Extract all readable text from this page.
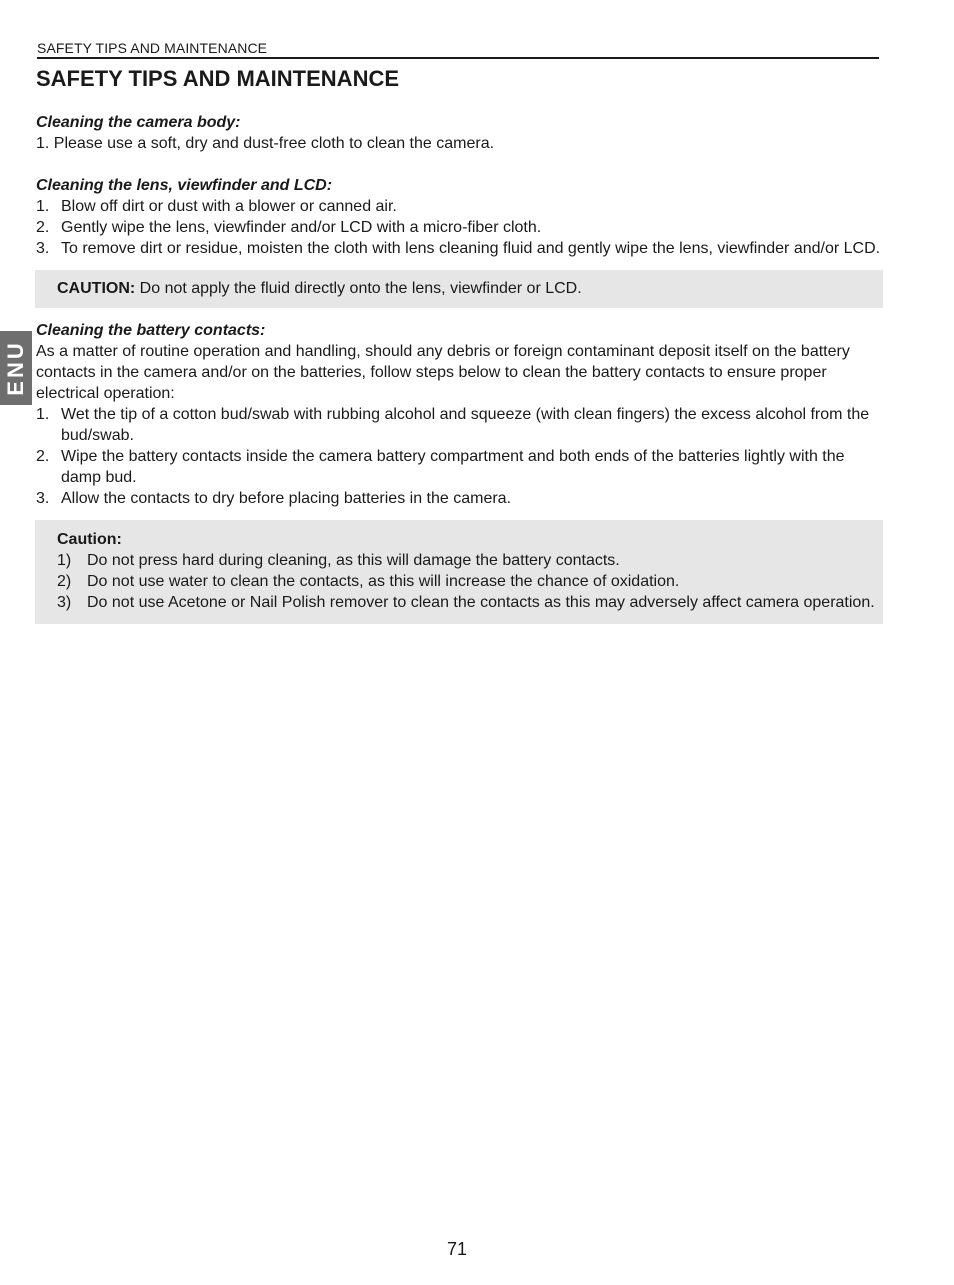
SAFETY TIPS AND MAINTENANCE
SAFETY TIPS AND MAINTENANCE
ENU

Cleaning the camera body:

1. Please use a soft, dry and dust-free cloth to clean the camera.

Cleaning the lens, viewfinder and LCD:

1. Blow off dirt or dust with a blower or canned air.
2. Gently wipe the lens, viewfinder and/or LCD with a micro-fiber cloth.
3. To remove dirt or residue, moisten the cloth with lens cleaning fluid and gently wipe the lens, viewfinder and/or LCD.
CAUTION: Do not apply the fluid directly onto the lens, viewfinder or LCD.

Cleaning the battery contacts:

As a matter of routine operation and handling, should any debris or foreign contaminant deposit itself on the battery contacts in the camera and/or on the batteries, follow steps below to clean the battery contacts to ensure proper electrical operation:

1. Wet the tip of a cotton bud/swab with rubbing alcohol and squeeze (with clean fingers) the excess alcohol from the bud/swab.
2. Wipe the battery contacts inside the camera battery compartment and both ends of the batteries lightly with the damp bud.
3. Allow the contacts to dry before placing batteries in the camera.
Caution:
1) Do not press hard during cleaning, as this will damage the battery contacts.
2) Do not use water to clean the contacts, as this will increase the chance of oxidation.
3) Do not use Acetone or Nail Polish remover to clean the contacts as this may adversely affect camera operation.
71
